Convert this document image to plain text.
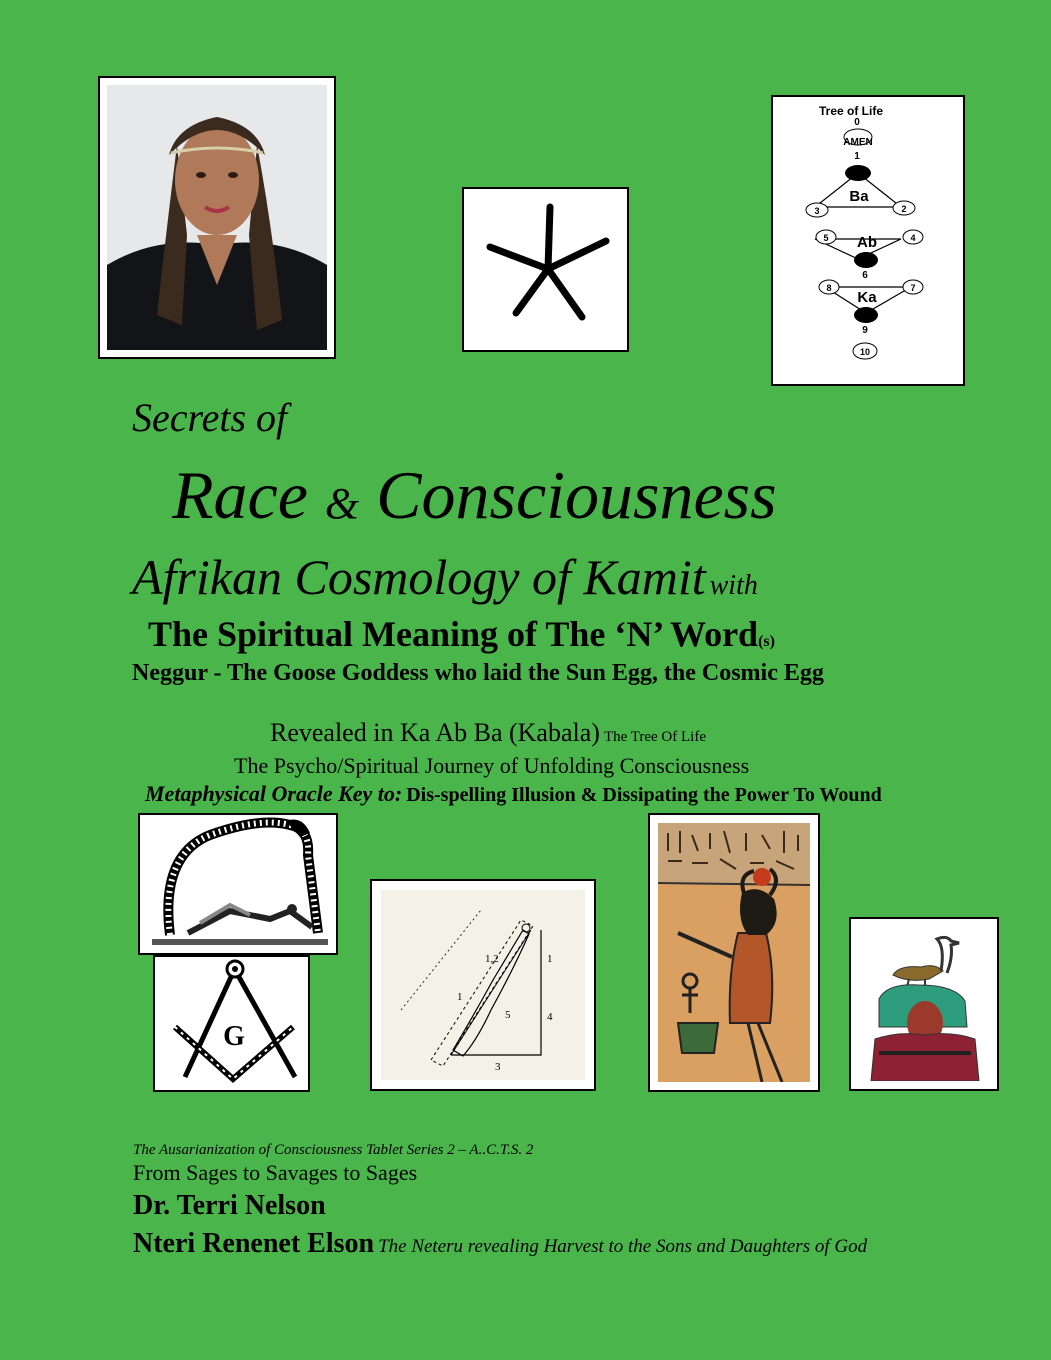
Tree of Life
0
AMEN
1
Ba
3	2
5	4
Ab
6
8	7
Ka
9
10
Secrets of
Race & Consciousness
Afrikan Cosmology of Kamit with
The Spiritual Meaning of The ‘N’ Word(s)
Neggur - The Goose Goddess who laid the Sun Egg, the Cosmic Egg
Revealed in Ka Ab Ba (Kabala) The Tree Of Life
The Psycho/Spiritual Journey of Unfolding Consciousness
Metaphysical Oracle Key to: Dis-spelling Illusion & Dissipating the Power To Wound
G
1,2
1
1
5	4
3
The Ausarianization of Consciousness Tablet Series 2 – A..C.T.S. 2
From Sages to Savages to Sages
Dr. Terri Nelson
Nteri Renenet Elson The Neteru revealing Harvest to the Sons and Daughters of God
